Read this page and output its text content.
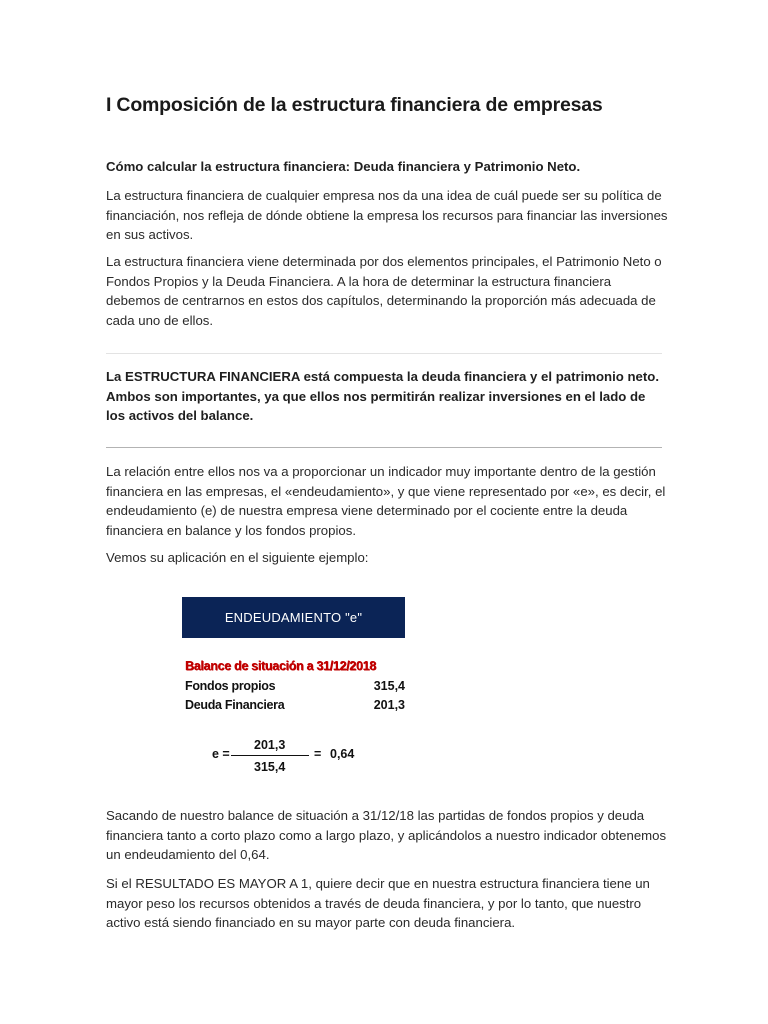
I Composición de la estructura financiera de empresas
Cómo calcular la estructura financiera: Deuda financiera y Patrimonio Neto.

La estructura financiera de cualquier empresa nos da una idea de cuál puede ser su política de financiación, nos refleja de dónde obtiene la empresa los recursos para financiar las inversiones en sus activos.

La estructura financiera viene determinada por dos elementos principales, el Patrimonio Neto o Fondos Propios y la Deuda Financiera. A la hora de determinar la estructura financiera debemos de centrarnos en estos dos capítulos, determinando la proporción más adecuada de cada uno de ellos.

La ESTRUCTURA FINANCIERA está compuesta la deuda financiera y el patrimonio neto. Ambos son importantes, ya que ellos nos permitirán realizar inversiones en el lado de los activos del balance.

La relación entre ellos nos va a proporcionar un indicador muy importante dentro de la gestión financiera en las empresas, el «endeudamiento», y que viene representado por «e», es decir, el endeudamiento (e) de nuestra empresa viene determinado por el cociente entre la deuda financiera en balance y los fondos propios.

Vemos su aplicación en el siguiente ejemplo:

ENDEUDAMIENTO "e"
Balance de situación a 31/12/2018
Fondos propios	315,4
Deuda Financiera	201,3
e =
201,3
315,4
= 0,64

Sacando de nuestro balance de situación a 31/12/18 las partidas de fondos propios y deuda financiera tanto a corto plazo como a largo plazo, y aplicándolos a nuestro indicador obtenemos un endeudamiento del 0,64.

Si el RESULTADO ES MAYOR A 1, quiere decir que en nuestra estructura financiera tiene un mayor peso los recursos obtenidos a través de deuda financiera, y por lo tanto, que nuestro activo está siendo financiado en su mayor parte con deuda financiera.
